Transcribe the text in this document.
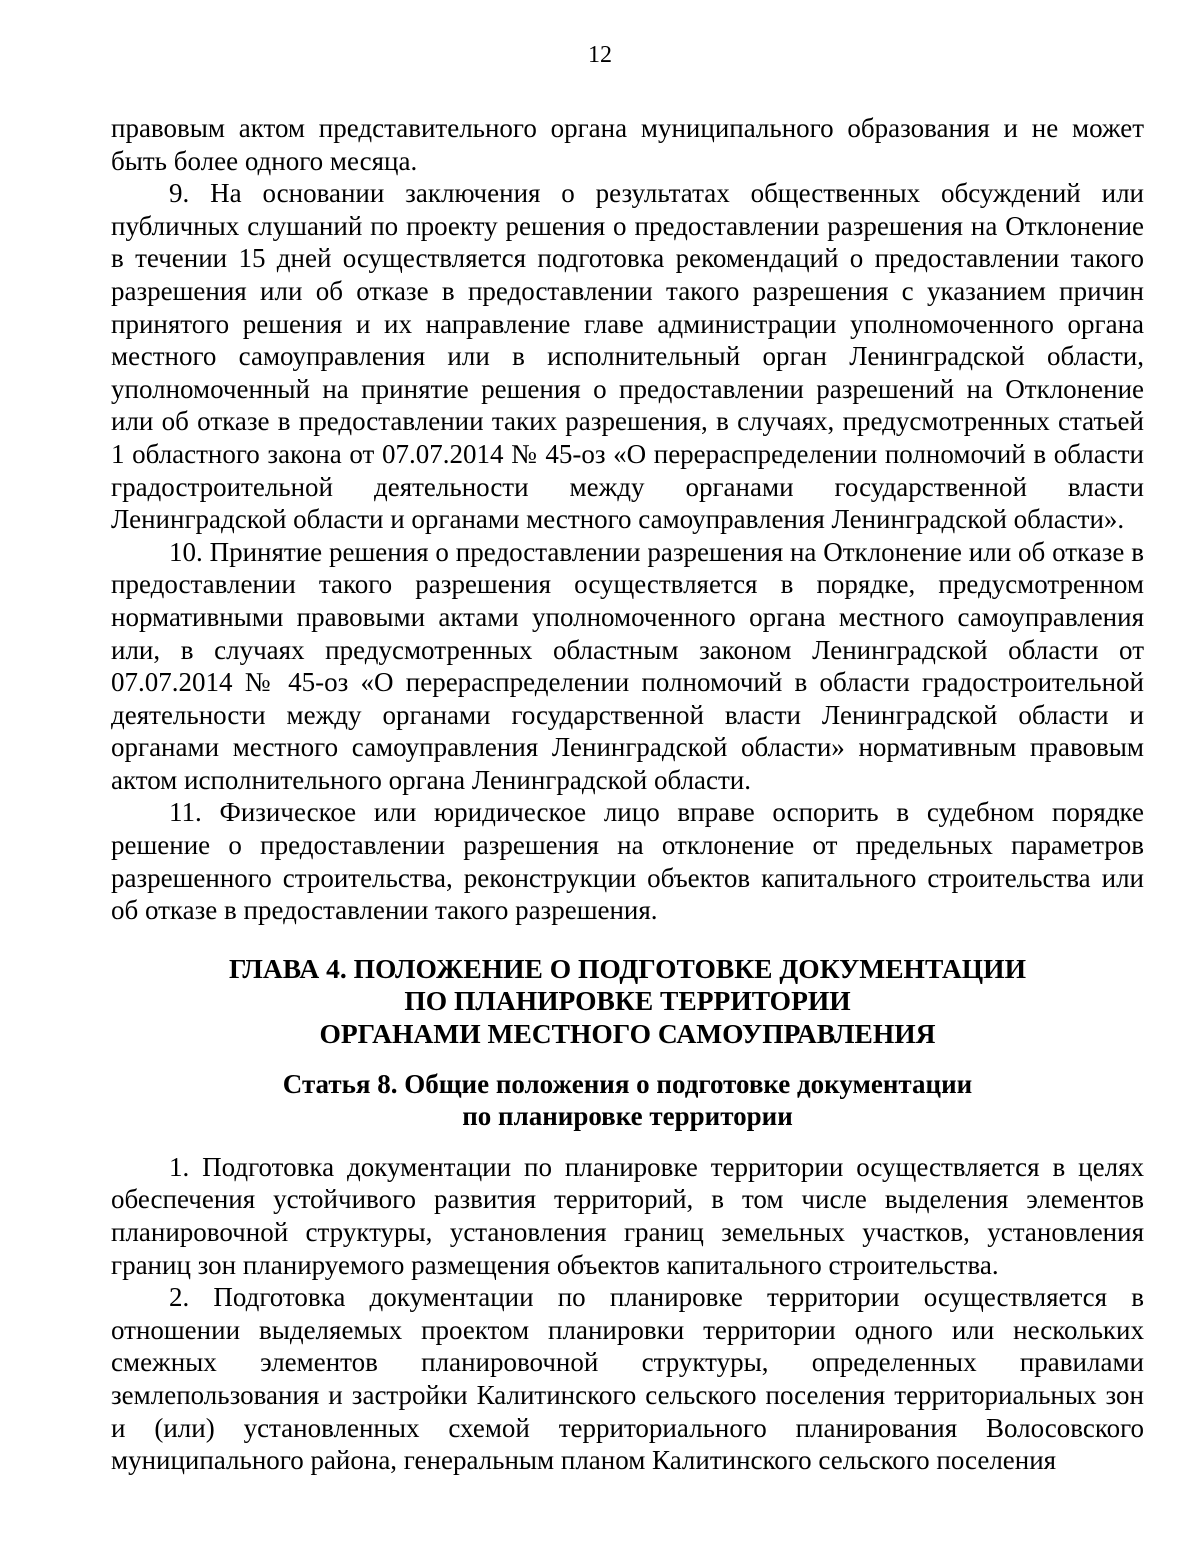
12

правовым актом представительного органа муниципального образования и не может быть более одного месяца.

9. На основании заключения о результатах общественных обсуждений или публичных слушаний по проекту решения о предоставлении разрешения на Отклонение в течении 15 дней осуществляется подготовка рекомендаций о предоставлении такого разрешения или об отказе в предоставлении такого разрешения с указанием причин принятого решения и их направление главе администрации уполномоченного органа местного самоуправления или в исполнительный орган Ленинградской области, уполномоченный на принятие решения о предоставлении разрешений на Отклонение или об отказе в предоставлении таких разрешения, в случаях, предусмотренных статьей 1 областного закона от 07.07.2014 № 45-оз «О перераспределении полномочий в области градостроительной деятельности между органами государственной власти Ленинградской области и органами местного самоуправления Ленинградской области».

10. Принятие решения о предоставлении разрешения на Отклонение или об отказе в предоставлении такого разрешения осуществляется в порядке, предусмотренном нормативными правовыми актами уполномоченного органа местного самоуправления или, в случаях предусмотренных областным законом Ленинградской области от 07.07.2014 № 45-оз «О перераспределении полномочий в области градостроительной деятельности между органами государственной власти Ленинградской области и органами местного самоуправления Ленинградской области» нормативным правовым актом исполнительного органа Ленинградской области.

11. Физическое или юридическое лицо вправе оспорить в судебном порядке решение о предоставлении разрешения на отклонение от предельных параметров разрешенного строительства, реконструкции объектов капитального строительства или об отказе в предоставлении такого разрешения.

ГЛАВА 4. ПОЛОЖЕНИЕ О ПОДГОТОВКЕ ДОКУМЕНТАЦИИ
ПО ПЛАНИРОВКЕ ТЕРРИТОРИИ
ОРГАНАМИ МЕСТНОГО САМОУПРАВЛЕНИЯ
Статья 8. Общие положения о подготовке документации
по планировке территории

1. Подготовка документации по планировке территории осуществляется в целях обеспечения устойчивого развития территорий, в том числе выделения элементов планировочной структуры, установления границ земельных участков, установления границ зон планируемого размещения объектов капитального строительства.

2. Подготовка документации по планировке территории осуществляется в отношении выделяемых проектом планировки территории одного или нескольких смежных элементов планировочной структуры, определенных правилами землепользования и застройки Калитинского сельского поселения территориальных зон и (или) установленных схемой территориального планирования Волосовского муниципального района, генеральным планом Калитинского сельского поселения
